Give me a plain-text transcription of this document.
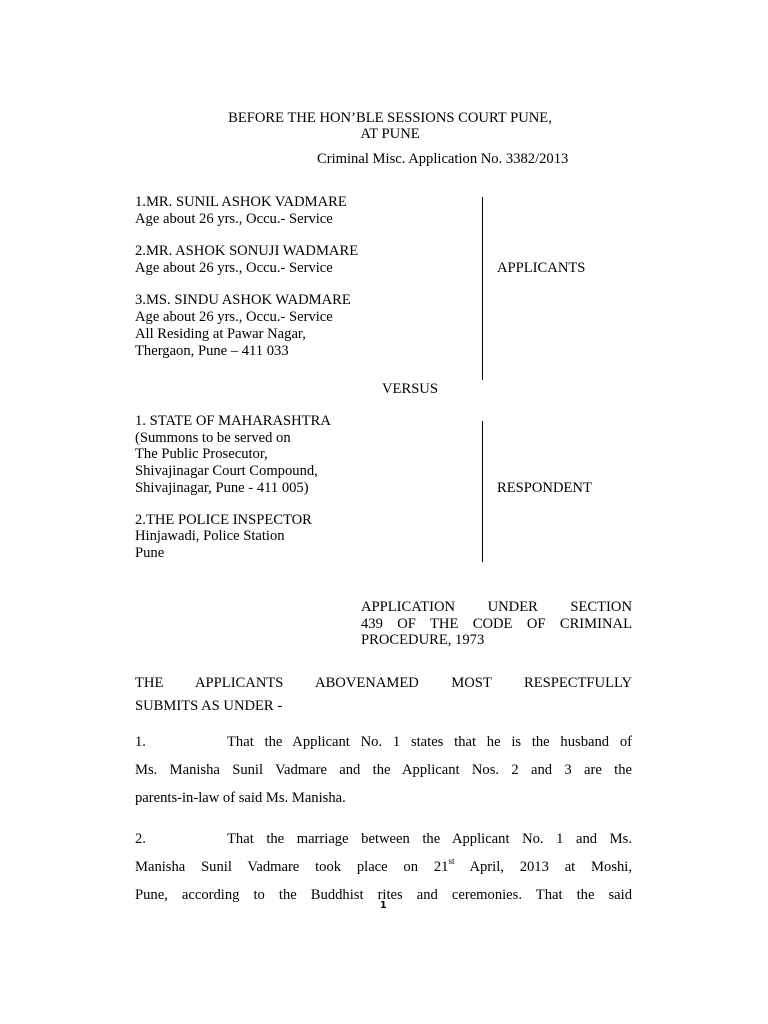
BEFORE THE HON’BLE SESSIONS COURT PUNE,
AT PUNE
Criminal Misc. Application No. 3382/2013
1.MR. SUNIL ASHOK VADMARE
Age about 26 yrs., Occu.- Service
2.MR. ASHOK SONUJI WADMARE
Age about 26 yrs., Occu.- Service
3.MS. SINDU ASHOK WADMARE
Age about 26 yrs., Occu.- Service
All Residing at Pawar Nagar,
Thergaon, Pune – 411 033
APPLICANTS
VERSUS
1. STATE OF MAHARASHTRA
(Summons to be served on
The Public Prosecutor,
Shivajinagar Court Compound,
Shivajinagar, Pune - 411 005)
2.THE POLICE INSPECTOR
Hinjawadi, Police Station
Pune
RESPONDENT
APPLICATION UNDER SECTION
439 OF THE CODE OF CRIMINAL
PROCEDURE, 1973
THE APPLICANTS ABOVENAMED MOST RESPECTFULLY
SUBMITS AS UNDER -
1.	That the Applicant No. 1 states that he is the husband of
Ms. Manisha Sunil Vadmare and the Applicant Nos. 2 and 3 are the
parents-in-law of said Ms. Manisha.
2.	That the marriage between the Applicant No. 1 and Ms.
Manisha Sunil Vadmare took place on 21st April, 2013 at Moshi,
Pune, according to the Buddhist rites and ceremonies. That the said
1
